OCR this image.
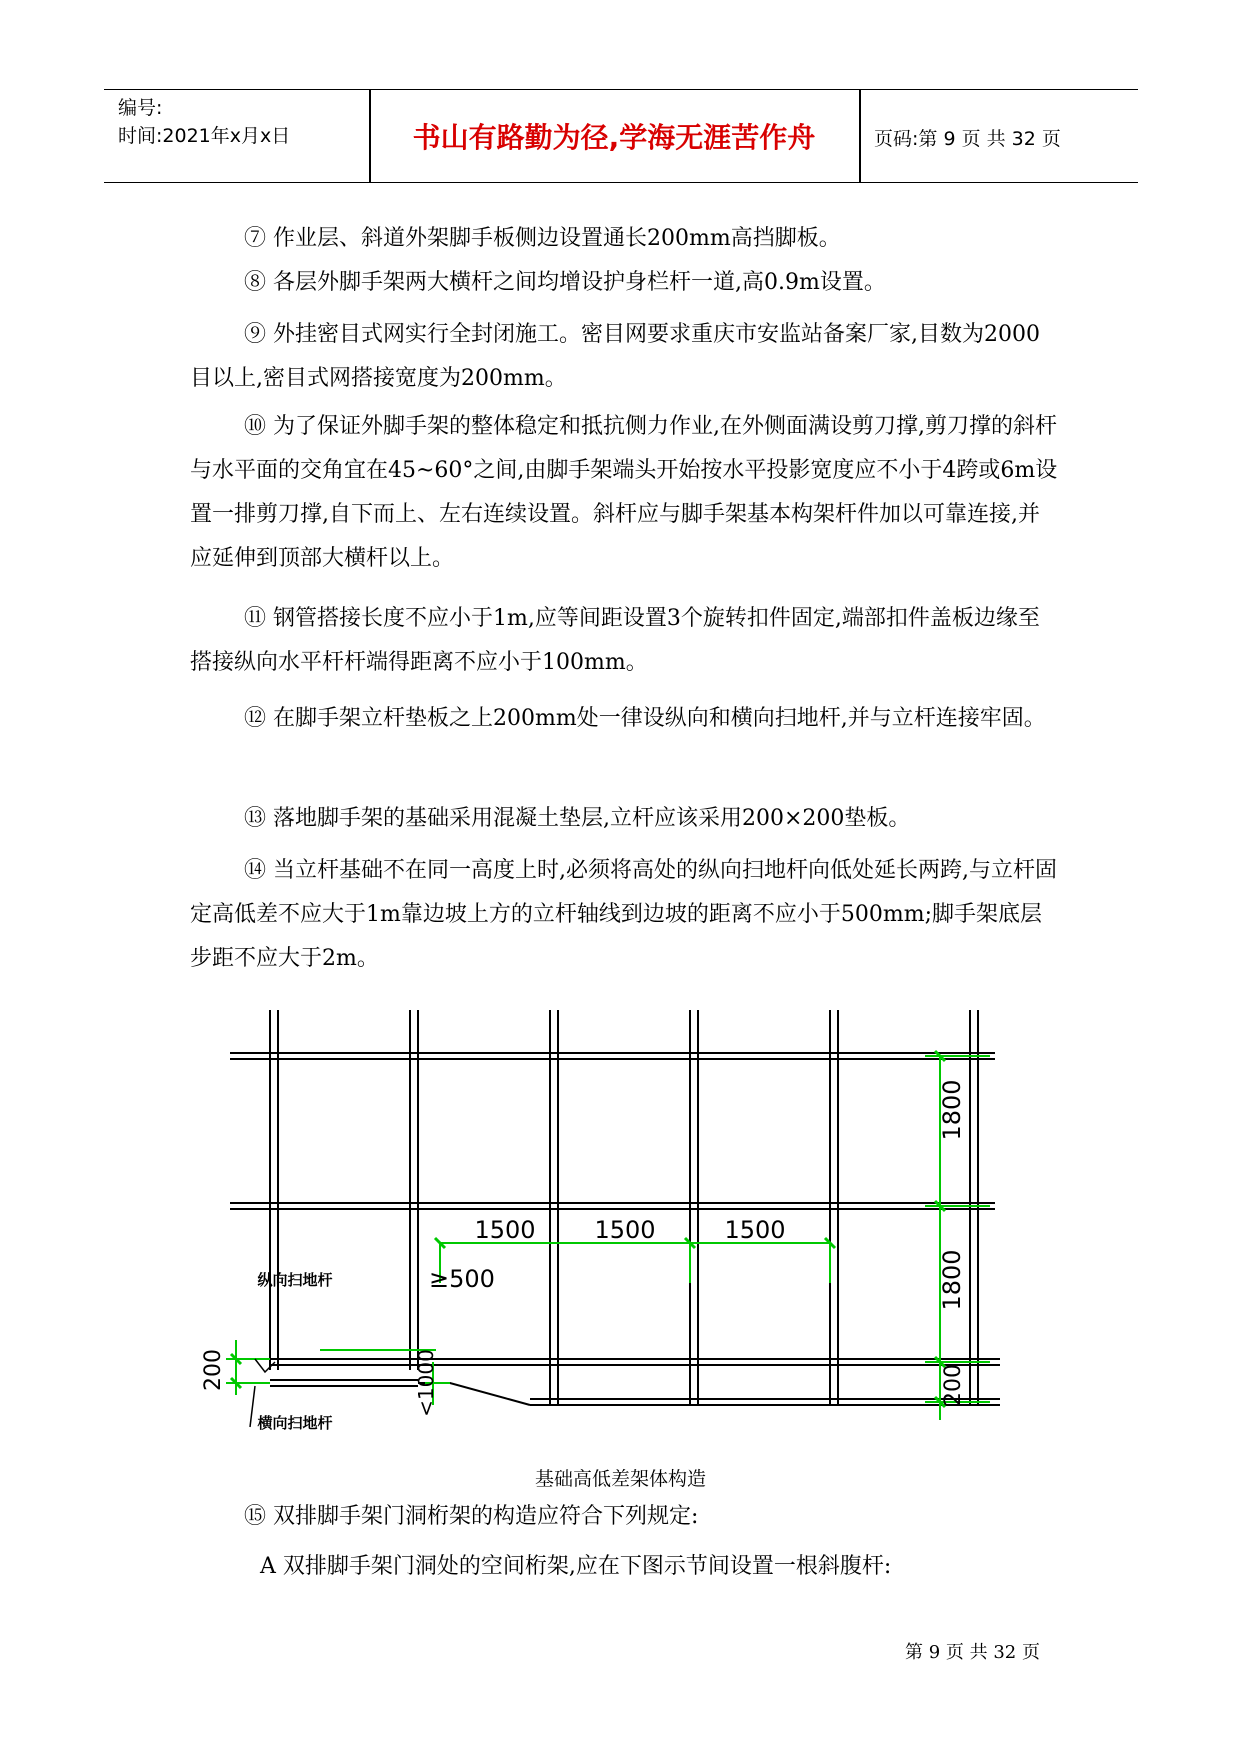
编号:
时间:2021年x月x日	书山有路勤为径,学海无涯苦作舟	页码:第 9 页 共 32 页
⑦ 作业层、斜道外架脚手板侧边设置通长200mm高挡脚板。
⑧ 各层外脚手架两大横杆之间均增设护身栏杆一道,高0.9m设置。
⑨ 外挂密目式网实行全封闭施工。密目网要求重庆市安监站备案厂家,目数为2000目以上,密目式网搭接宽度为200mm。
⑩ 为了保证外脚手架的整体稳定和抵抗侧力作业,在外侧面满设剪刀撑,剪刀撑的斜杆与水平面的交角宜在45~60°之间,由脚手架端头开始按水平投影宽度应不小于4跨或6m设置一排剪刀撑,自下而上、左右连续设置。斜杆应与脚手架基本构架杆件加以可靠连接,并应延伸到顶部大横杆以上。
⑪ 钢管搭接长度不应小于1m,应等间距设置3个旋转扣件固定,端部扣件盖板边缘至搭接纵向水平杆杆端得距离不应小于100mm。
⑫ 在脚手架立杆垫板之上200mm处一律设纵向和横向扫地杆,并与立杆连接牢固。
⑬ 落地脚手架的基础采用混凝土垫层,立杆应该采用200×200垫板。
⑭ 当立杆基础不在同一高度上时,必须将高处的纵向扫地杆向低处延长两跨,与立杆固定高低差不应大于1m靠边坡上方的立杆轴线到边坡的距离不应小于500mm;脚手架底层步距不应大于2m。
1500 1500	1500
≥500
1800
1800
200
200	<1000
纵向扫地杆
横向扫地杆
基础高低差架体构造
⑮ 双排脚手架门洞桁架的构造应符合下列规定:
A 双排脚手架门洞处的空间桁架,应在下图示节间设置一根斜腹杆:
第 9 页 共 32 页
